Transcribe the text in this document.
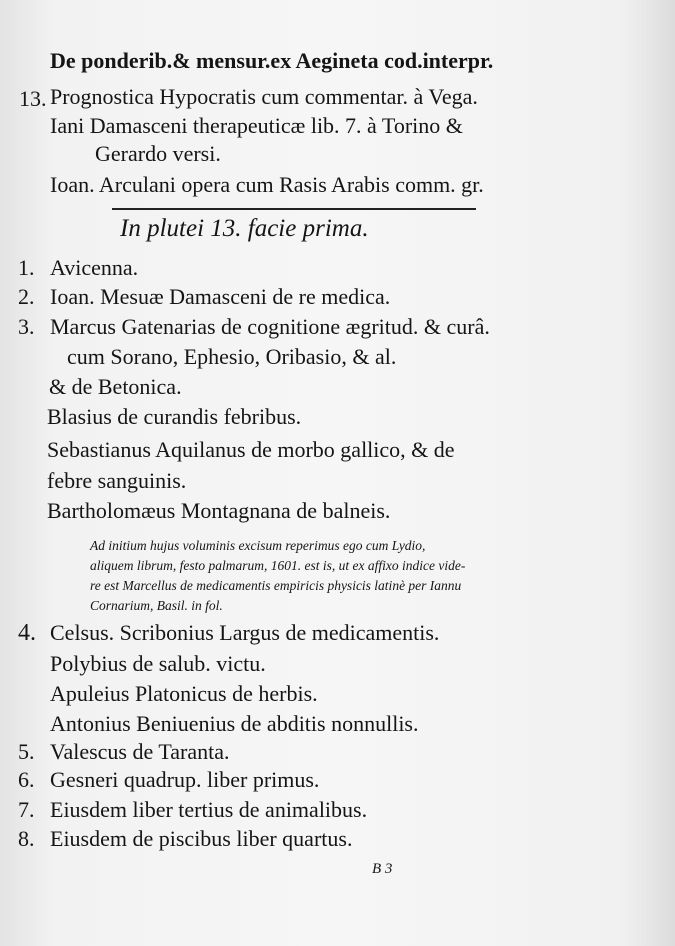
De ponderib.& mensur.ex Aegineta cod.interpr.
13. Prognostica Hypocratis cum commentar. à Vega.
Iani Damasceni therapeuticæ lib. 7. à Torino &
Gerardo versi.
Ioan. Arculani opera cum Rasis Arabis comm. gr.
In plutei 13. facie prima.
1. Avicenna.
2. Ioan. Mesuæ Damasceni de re medica.
3. Marcus Gatenarias de cognitione ægritud. & curâ.
cum Sorano, Ephesio, Oribasio, & al.
& de Betonica.
Blasius de curandis febribus.
Sebastianus Aquilanus de morbo gallico, & de
febre sanguinis.
Bartholomæus Montagnana de balneis.
Ad initium hujus voluminis excisum reperimus ego cum Lydio,
aliquem librum, festo palmarum, 1601. est is, ut ex affixo indice vide-
re est Marcellus de medicamentis empiricis physicis latinè per Iannu
Cornarium, Basil. in fol.
4. Celsus. Scribonius Largus de medicamentis.
Polybius de salub. victu.
Apuleius Platonicus de herbis.
Antonius Beniuenius de abditis nonnullis.
5. Valescus de Taranta.
6. Gesneri quadrup. liber primus.
7. Eiusdem liber tertius de animalibus.
8. Eiusdem de piscibus liber quartus.
B 3
